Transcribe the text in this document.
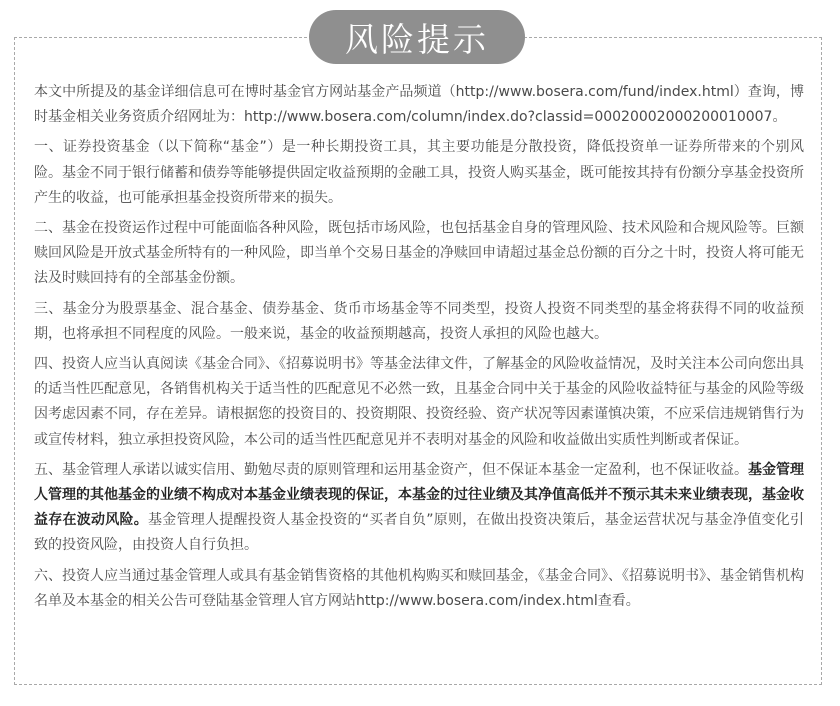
风险提示

本文中所提及的基金详细信息可在博时基金官方网站基金产品频道（http://www.bosera.com/fund/index.html）查询，博时基金相关业务资质介绍网址为：http://www.bosera.com/column/index.do?classid=00020002000200010007。

一、证券投资基金（以下简称“基金”）是一种长期投资工具，其主要功能是分散投资，降低投资单一证券所带来的个别风险。基金不同于银行储蓄和债券等能够提供固定收益预期的金融工具，投资人购买基金，既可能按其持有份额分享基金投资所产生的收益，也可能承担基金投资所带来的损失。

二、基金在投资运作过程中可能面临各种风险，既包括市场风险，也包括基金自身的管理风险、技术风险和合规风险等。巨额赎回风险是开放式基金所特有的一种风险，即当单个交易日基金的净赎回申请超过基金总份额的百分之十时，投资人将可能无法及时赎回持有的全部基金份额。

三、基金分为股票基金、混合基金、债券基金、货币市场基金等不同类型，投资人投资不同类型的基金将获得不同的收益预期，也将承担不同程度的风险。一般来说，基金的收益预期越高，投资人承担的风险也越大。

四、投资人应当认真阅读《基金合同》、《招募说明书》等基金法律文件，了解基金的风险收益情况，及时关注本公司向您出具的适当性匹配意见，各销售机构关于适当性的匹配意见不必然一致，且基金合同中关于基金的风险收益特征与基金的风险等级因考虑因素不同，存在差异。请根据您的投资目的、投资期限、投资经验、资产状况等因素谨慎决策，不应采信违规销售行为或宣传材料，独立承担投资风险，本公司的适当性匹配意见并不表明对基金的风险和收益做出实质性判断或者保证。

五、基金管理人承诺以诚实信用、勤勉尽责的原则管理和运用基金资产，但不保证本基金一定盈利，也不保证收益。基金管理人管理的其他基金的业绩不构成对本基金业绩表现的保证，本基金的过往业绩及其净值高低并不预示其未来业绩表现，基金收益存在波动风险。基金管理人提醒投资人基金投资的“买者自负”原则，在做出投资决策后，基金运营状况与基金净值变化引致的投资风险，由投资人自行负担。

六、投资人应当通过基金管理人或具有基金销售资格的其他机构购买和赎回基金，《基金合同》、《招募说明书》、基金销售机构名单及本基金的相关公告可登陆基金管理人官方网站http://www.bosera.com/index.html查看。
